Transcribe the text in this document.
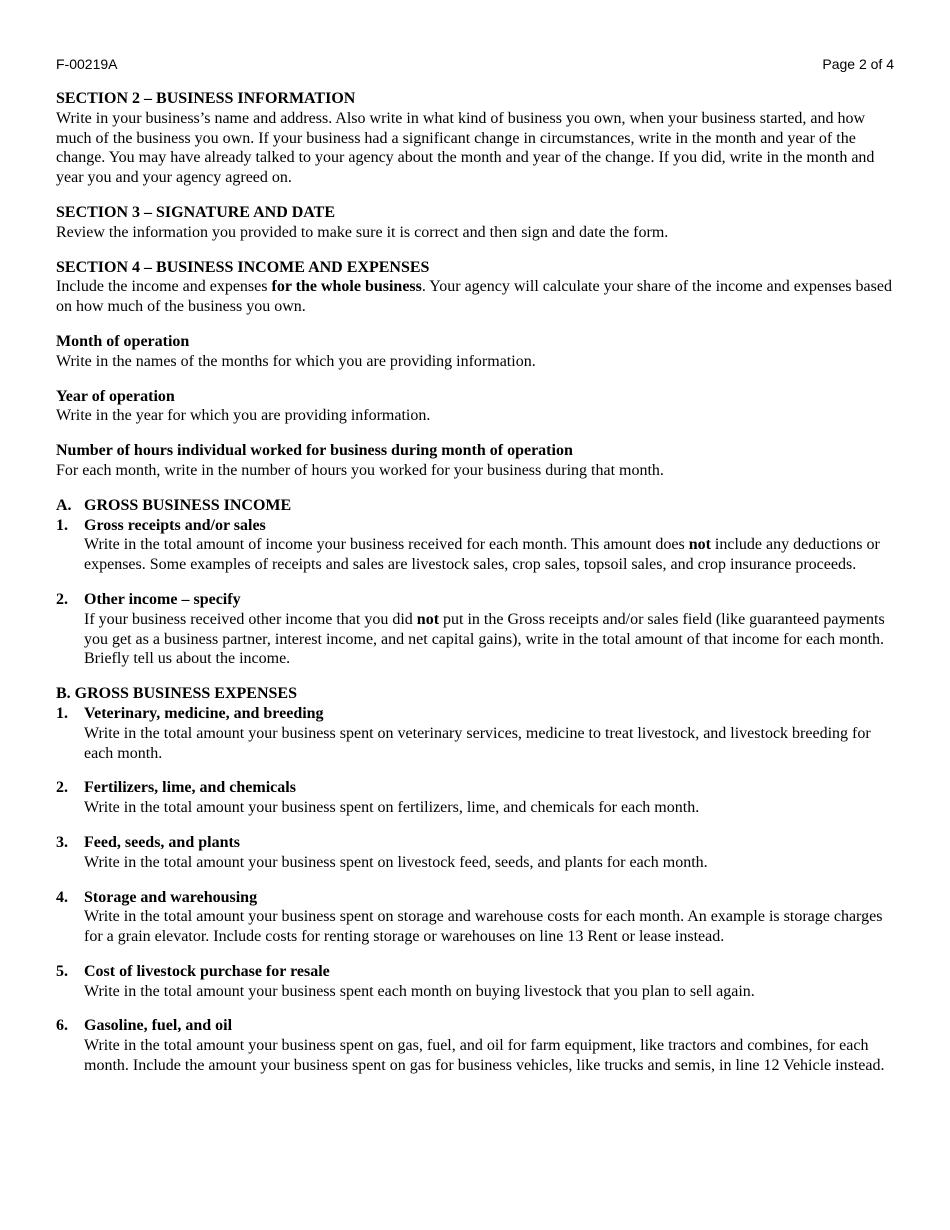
F-00219A	Page 2 of 4
SECTION 2 – BUSINESS INFORMATION

Write in your business’s name and address. Also write in what kind of business you own, when your business started, and how much of the business you own. If your business had a significant change in circumstances, write in the month and year of the change. You may have already talked to your agency about the month and year of the change. If you did, write in the month and year you and your agency agreed on.

SECTION 3 – SIGNATURE AND DATE

Review the information you provided to make sure it is correct and then sign and date the form.

SECTION 4 – BUSINESS INCOME AND EXPENSES

Include the income and expenses for the whole business. Your agency will calculate your share of the income and expenses based on how much of the business you own.

Month of operation

Write in the names of the months for which you are providing information.

Year of operation

Write in the year for which you are providing information.

Number of hours individual worked for business during month of operation

For each month, write in the number of hours you worked for your business during that month.

A. GROSS BUSINESS INCOME
1.	Gross receipts and/or sales

Write in the total amount of income your business received for each month. This amount does not include any deductions or expenses. Some examples of receipts and sales are livestock sales, crop sales, topsoil sales, and crop insurance proceeds.

2.	Other income – specify

If your business received other income that you did not put in the Gross receipts and/or sales field (like guaranteed payments you get as a business partner, interest income, and net capital gains), write in the total amount of that income for each month. Briefly tell us about the income.

B. GROSS BUSINESS EXPENSES
1.	Veterinary, medicine, and breeding

Write in the total amount your business spent on veterinary services, medicine to treat livestock, and livestock breeding for each month.

2.	Fertilizers, lime, and chemicals

Write in the total amount your business spent on fertilizers, lime, and chemicals for each month.

3.	Feed, seeds, and plants

Write in the total amount your business spent on livestock feed, seeds, and plants for each month.

4.	Storage and warehousing

Write in the total amount your business spent on storage and warehouse costs for each month. An example is storage charges for a grain elevator. Include costs for renting storage or warehouses on line 13 Rent or lease instead.

5.	Cost of livestock purchase for resale

Write in the total amount your business spent each month on buying livestock that you plan to sell again.

6.	Gasoline, fuel, and oil

Write in the total amount your business spent on gas, fuel, and oil for farm equipment, like tractors and combines, for each month. Include the amount your business spent on gas for business vehicles, like trucks and semis, in line 12 Vehicle instead.
